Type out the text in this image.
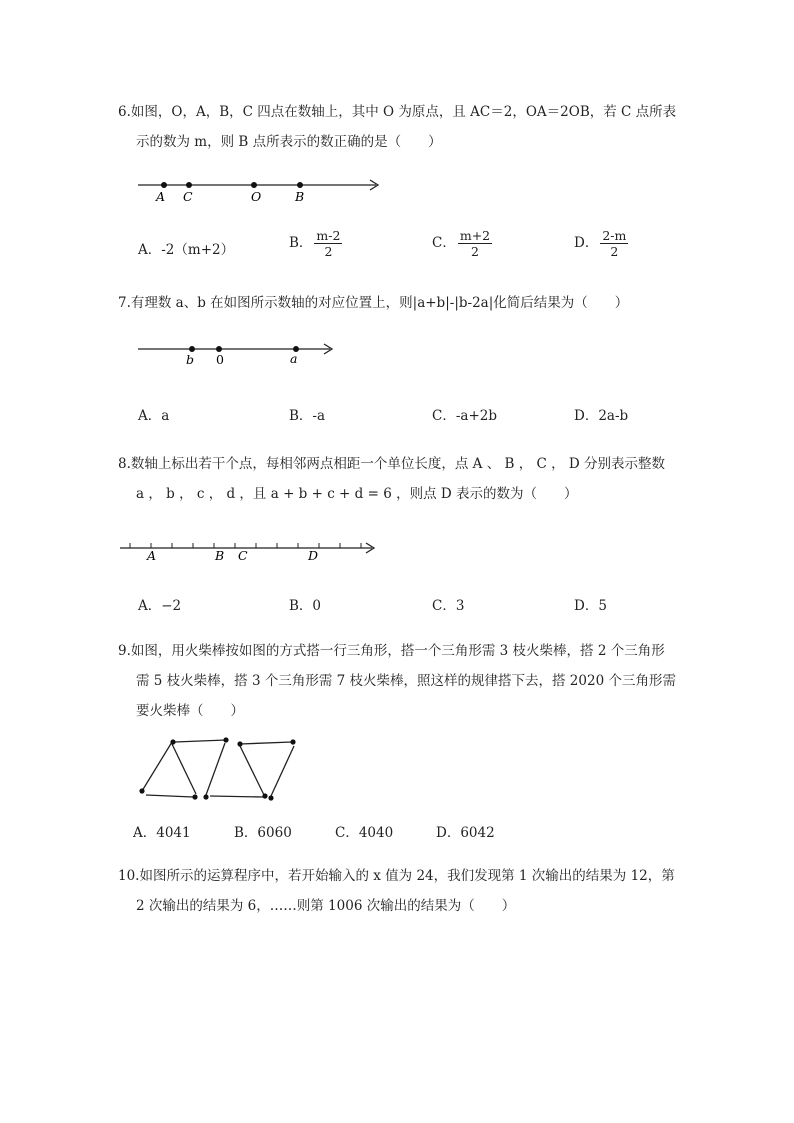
6.如图，O，A，B，C 四点在数轴上，其中 O 为原点，且 AC＝2，OA＝2OB，若 C 点所表
示的数为 m，则 B 点所表示的数正确的是（　　）
A C	O	B
A．-2（m+2）	B． $\frac{m-2}{2}$	C． $\frac{m+2}{2}$	D． $\frac{2-m}{2}$
7.有理数 a、b 在如图所示数轴的对应位置上，则|a+b|-|b-2a|化简后结果为（　　）
b 0	a
A．a	B．-a	C．-a+2b	D．2a-b
8.数轴上标出若干个点，每相邻两点相距一个单位长度，点 A 、 B ， C ， D 分别表示整数
a ， b ， c ， d ，且 a + b + c + d = 6 ，则点 D 表示的数为（　　）
A	B C	D
A．−2	B．0	C．3	D．5
9.如图，用火柴棒按如图的方式搭一行三角形，搭一个三角形需 3 枝火柴棒，搭 2 个三角形
需 5 枝火柴棒，搭 3 个三角形需 7 枝火柴棒，照这样的规律搭下去，搭 2020 个三角形需
要火柴棒（　　）
A．4041	B．6060	C．4040	D．6042
10.如图所示的运算程序中，若开始输入的 x 值为 24，我们发现第 1 次输出的结果为 12，第
2 次输出的结果为 6，……则第 1006 次输出的结果为（　　）
